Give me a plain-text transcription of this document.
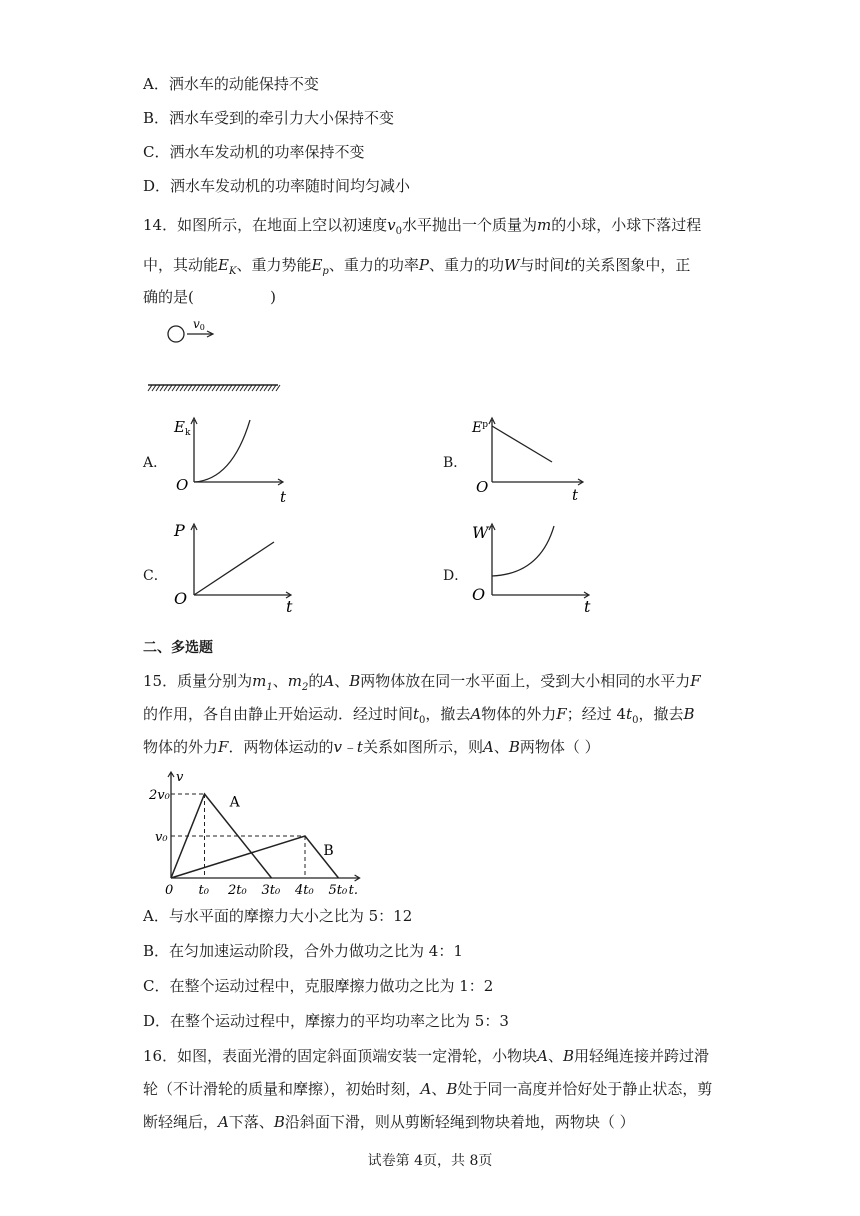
A．洒水车的动能保持不变
B．洒水车受到的牵引力大小保持不变
C．洒水车发动机的功率保持不变
D．洒水车发动机的功率随时间均匀减小
14．如图所示，在地面上空以初速度$v_0$水平抛出一个质量为m的小球，小球下落过程
中，其动能$E_K$、重力势能$E_p$、重力的功率P、重力的功W与时间t的关系图象中，正
确的是(                )
v0
A．	B．
C．	D．
$E_k$
O
t
$E^p$
O	t
P
O	t
W
O
t
二、多选题
15．质量分别为$m_1$、$m_2$的A、B两物体放在同一水平面上，受到大小相同的水平力F
的作用，各自由静止开始运动．经过时间$t_0$，撤去A物体的外力F；经过 $4t_0$，撤去B
物体的外力F．两物体运动的v﹣t关系如图所示，则A、B两物体（ ）
A
B
0 t₀ 2t₀ 3t₀ 4t₀ 5t₀ t.
v₀
2v₀
v
A．与水平面的摩擦力大小之比为 5：12
B．在匀加速运动阶段，合外力做功之比为 4：1
C．在整个运动过程中，克服摩擦力做功之比为 1：2
D．在整个运动过程中，摩擦力的平均功率之比为 5：3
16．如图，表面光滑的固定斜面顶端安装一定滑轮，小物块A、B用轻绳连接并跨过滑
轮（不计滑轮的质量和摩擦），初始时刻，A、B处于同一高度并恰好处于静止状态，剪
断轻绳后，A下落、B沿斜面下滑，则从剪断轻绳到物块着地，两物块（ ）
试卷第 4页，共 8页
